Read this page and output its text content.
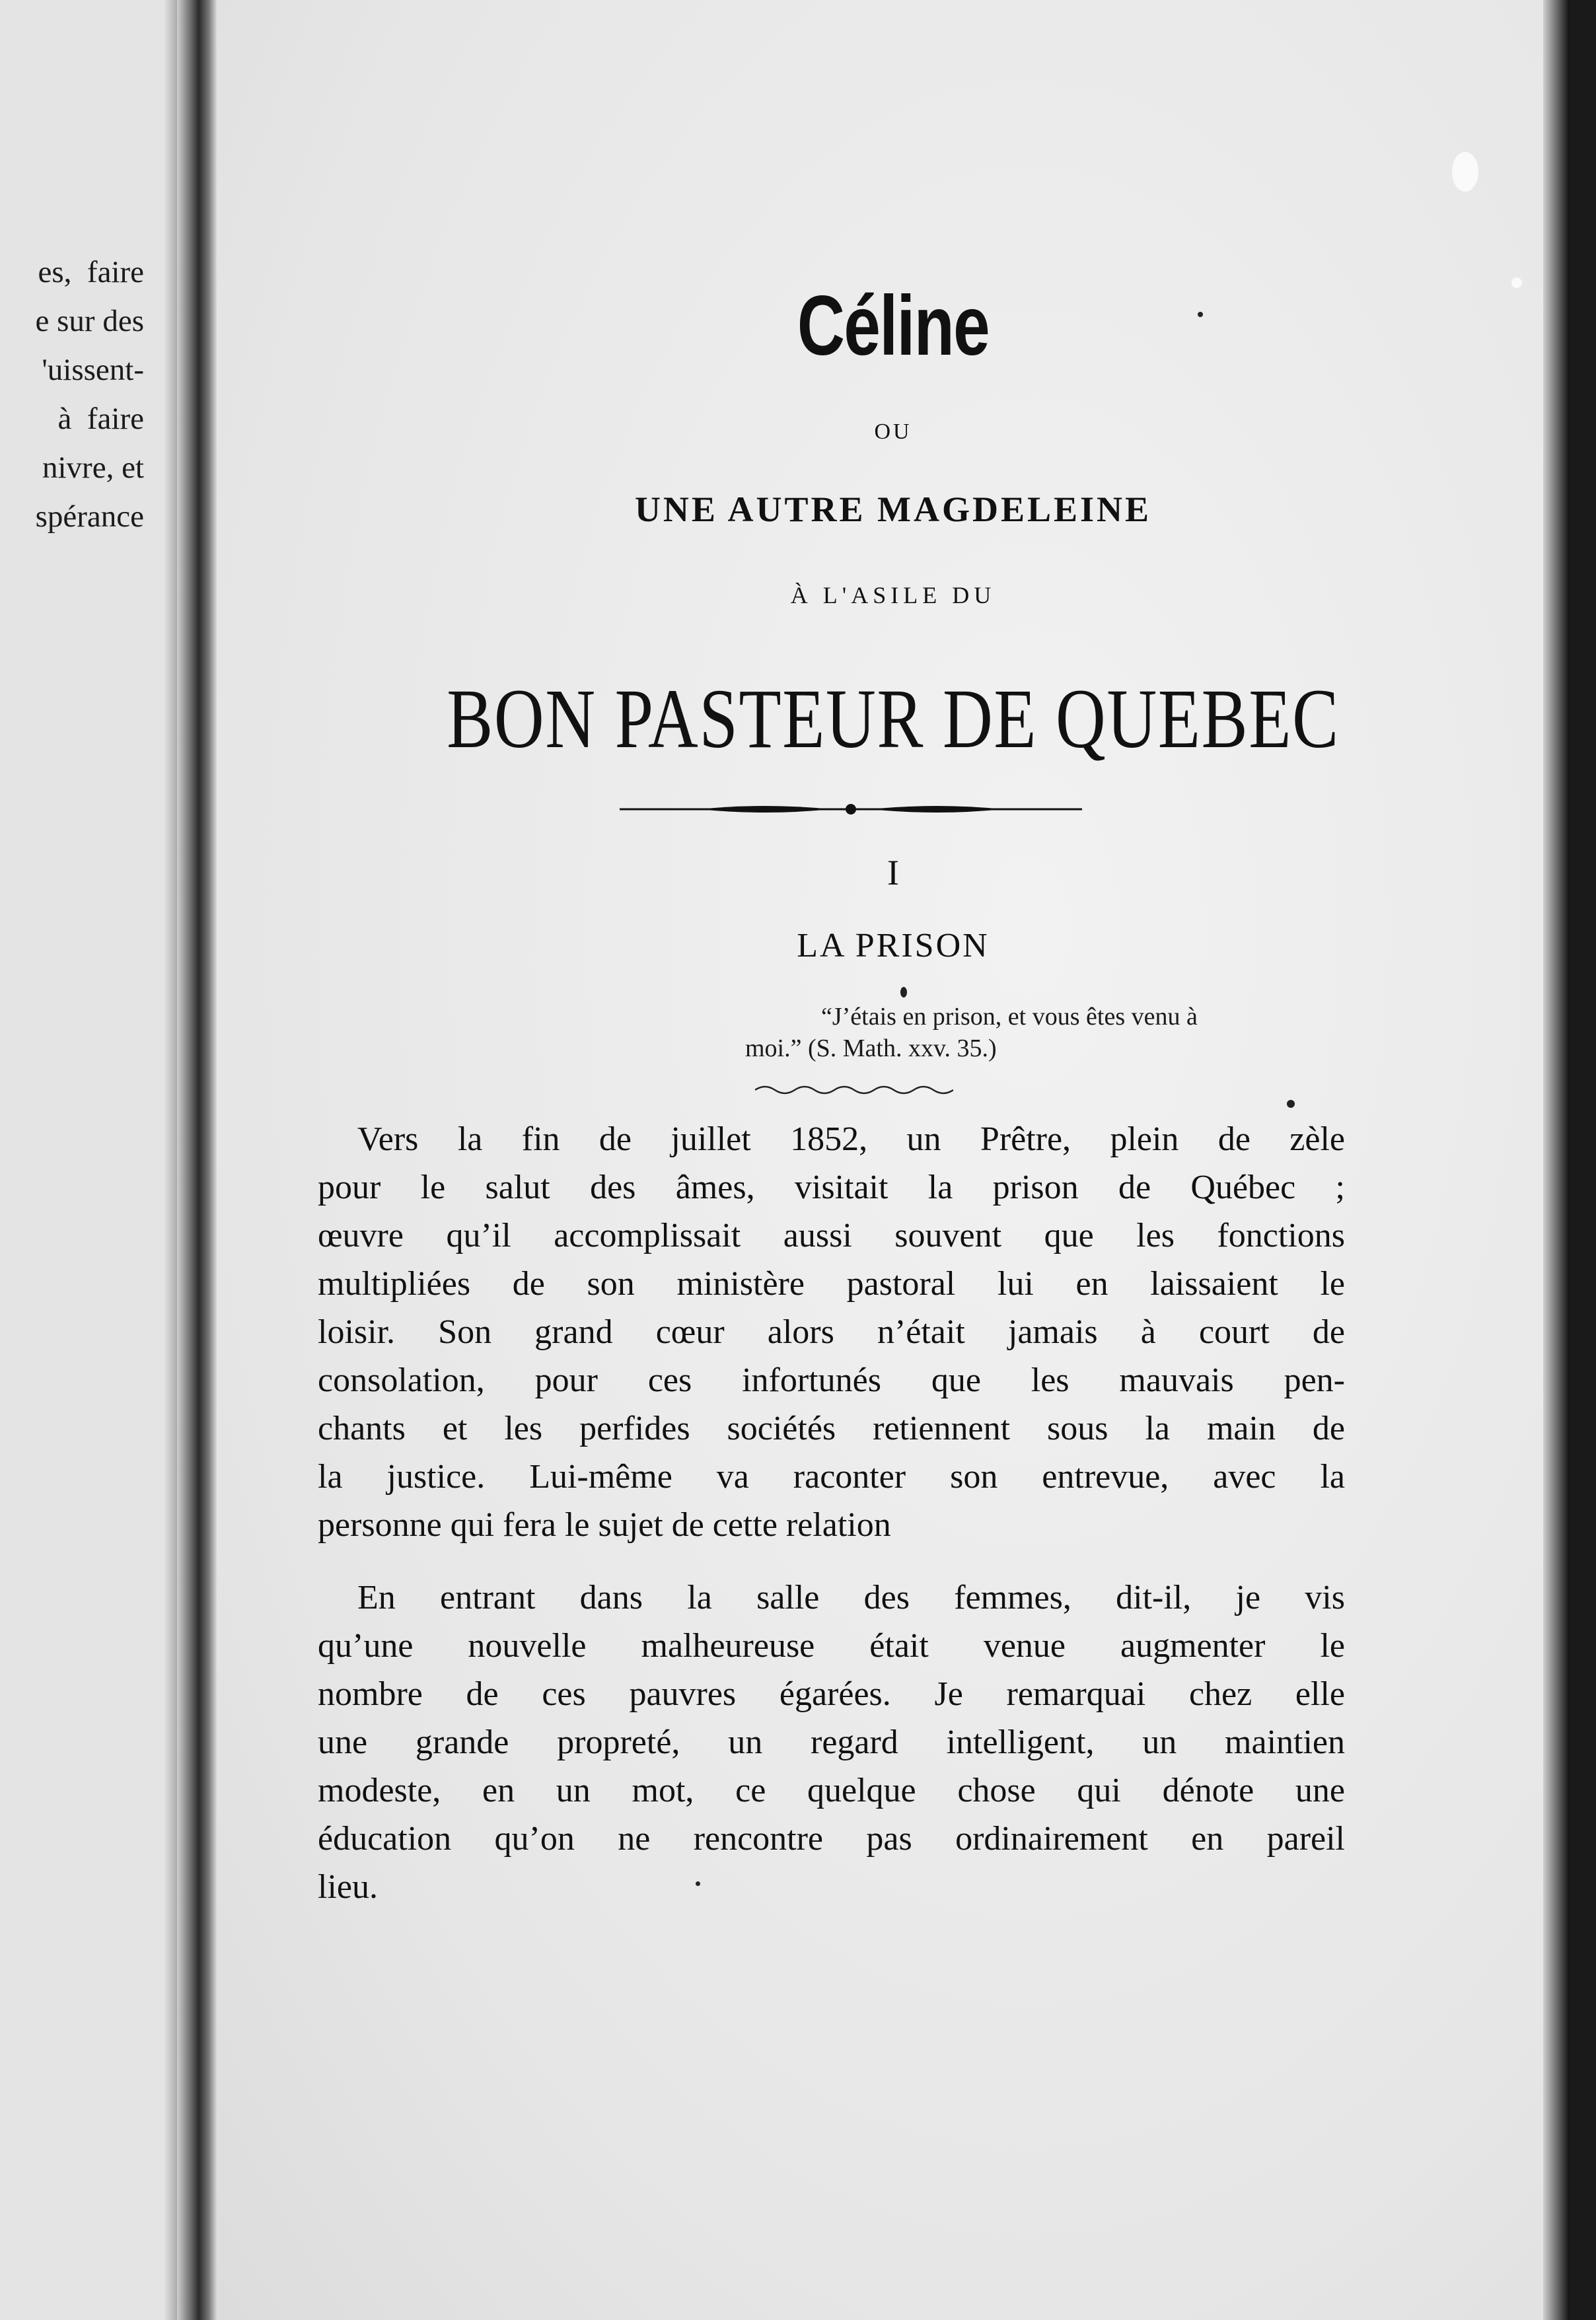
es,  faire
e sur des
'uissent-
à  faire
nivre, et
spérance
Céline
OU
UNE AUTRE MAGDELEINE
À L'ASILE DU
BON PASTEUR DE QUEBEC
I
LA PRISON
“J’étais en prison, et vous êtes venu à
moi.” (S. Math. xxv. 35.)
Vers la fin de juillet 1852, un Prêtre, plein de zèle
pour le salut des âmes, visitait la prison de Québec ;
œuvre qu’il accomplissait aussi souvent que les fonctions
multipliées de son ministère pastoral lui en laissaient le
loisir. Son grand cœur alors n’était jamais à court de
consolation, pour ces infortunés que les mauvais pen-
chants et les perfides sociétés retiennent sous la main de
la justice. Lui-même va raconter son entrevue, avec la
personne qui fera le sujet de cette relation
En entrant dans la salle des femmes, dit-il, je vis
qu’une nouvelle malheureuse était venue augmenter le
nombre de ces pauvres égarées. Je remarquai chez elle
une grande propreté, un regard intelligent, un maintien
modeste, en un mot, ce quelque chose qui dénote une
éducation qu’on ne rencontre pas ordinairement en pareil
lieu.
